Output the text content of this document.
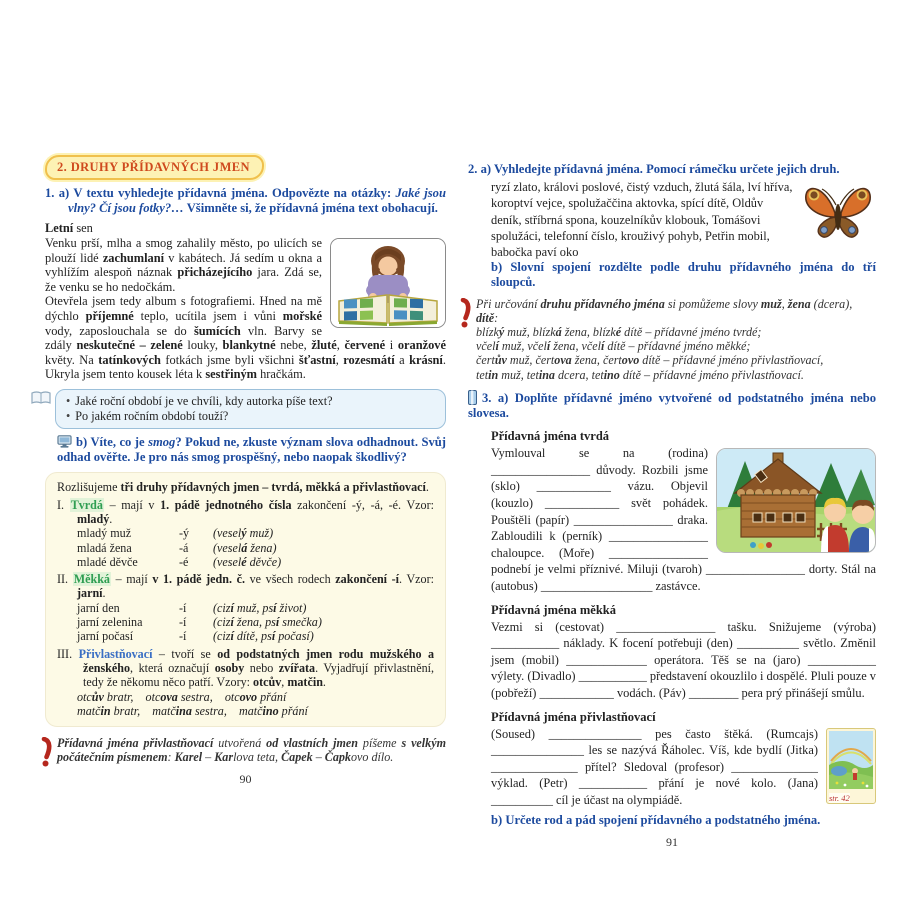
2. DRUHY PŘÍDAVNÝCH JMEN
1. a) V textu vyhledejte přídavná jména. Odpovězte na otázky: Jaké jsou vlny? Čí jsou fotky?… Všimněte si, že přídavná jména text obohacují.
Letní sen
Venku prší, mlha a smog zahalily město, po ulicích se plouží lidé zachumlaní v kabátech. Já sedím u okna a vyhlížím alespoň náznak přicházejícího jara. Zdá se, že venku se ho nedočkám.
Otevřela jsem tedy album s fotografiemi. Hned na mě dýchlo příjemné teplo, ucítila jsem i vůni mořské vody, zaposlouchala se do šumících vln. Barvy se zdály neskutečné – zelené louky, blankytné nebe, žluté, červené i oranžové květy. Na tatínkových fotkách jsme byli všichni šťastní, rozesmátí a krásní. Ukryla jsem tento kousek léta k sestřiným hračkám.
• Jaké roční období je ve chvíli, kdy autorka píše text?
• Po jakém ročním období touží?
b) Víte, co je smog? Pokud ne, zkuste význam slova odhadnout. Svůj odhad ověřte. Je pro nás smog prospěšný, nebo naopak škodlivý?
Rozlišujeme tři druhy přídavných jmen – tvrdá, měkká a přivlastňovací.
I. Tvrdá – mají v 1. pádě jednotného čísla zakončení -ý, -á, -é. Vzor: mladý.
mladý muž	-ý	(veselý muž)
mladá žena	-á	(veselá žena)
mladé děvče	-é	(veselé děvče)
II. Měkká – mají v 1. pádě jedn. č. ve všech rodech zakončení -í. Vzor: jarní.
jarní den	-í	(cizí muž, psí život)
jarní zelenina	-í	(cizí žena, psí smečka)
jarní počasí	-í	(cizí dítě, psí počasí)
III. Přivlastňovací – tvoří se od podstatných jmen rodu mužského a ženského, která označují osoby nebo zvířata. Vyjadřují přivlastnění, tedy že někomu něco patří. Vzory: otcův, matčin.
otcův bratr, otcova sestra, otcovo přání
matčin bratr, matčina sestra, matčino přání
Přídavná jména přivlastňovací utvořená od vlastních jmen píšeme s velkým počátečním písmenem: Karel – Karlova teta, Čapek – Čapkovo dílo.
90
2. a) Vyhledejte přídavná jména. Pomocí rámečku určete jejich druh.
ryzí zlato, královi poslové, čistý vzduch, žlutá šála, lví hříva, koroptví vejce, spolužaččina aktovka, spící dítě, Oldův deník, stříbrná spona, kouzelníkův klobouk, Tomášovi spolužáci, telefonní číslo, krouživý pohyb, Petřin mobil, babočka paví oko
b) Slovní spojení rozdělte podle druhu přídavného jména do tří sloupců.
Při určování druhu přídavného jména si pomůžeme slovy muž, žena (dcera), dítě:
blízký muž, blízká žena, blízké dítě – přídavné jméno tvrdé;
včelí muž, včelí žena, včelí dítě – přídavné jméno měkké;
čertův muž, čertova žena, čertovo dítě – přídavné jméno přivlastňovací,
tetin muž, tetina dcera, tetino dítě – přídavné jméno přivlastňovací.
3. a) Doplňte přídavné jméno vytvořené od podstatného jména nebo slovesa.
Přídavná jména tvrdá
Vymlouval se na (rodina) ________________ důvody. Rozbili jsme (sklo) ____________ vázu. Objevil (kouzlo) ____________ svět pohádek. Pouštěli (papír) ________________ draka. Zabloudili k (perník) ________________ chaloupce. (Moře) ________________ podnebí je velmi příznivé. Miluji (tvaroh) ________________ dorty. Stál na (autobus) __________________ zastávce.
Přídavná jména měkká
Vezmi si (cestovat) ________________ tašku. Snižujeme (výroba) ___________ náklady. K focení potřebuji (den) __________ světlo. Změnil jsem (mobil) _____________ operátora. Těš se na (jaro) ___________ výlety. (Divadlo) ___________ představení okouzlilo i dospělé. Pluli pouze v (pobřeží) ____________ vodách. (Páv) ________ pera prý přinášejí smůlu.
Přídavná jména přivlastňovací
str. 42
(Soused) _______________ pes často štěká. (Rumcajs) _______________ les se nazývá Řáholec. Víš, kde bydlí (Jitka) ______________ přítel? Sledoval (profesor) ______________ výklad. (Petr) ___________ přání je nové kolo. (Jana) __________ cíl je účast na olympiádě.
b) Určete rod a pád spojení přídavného a podstatného jména.
91
